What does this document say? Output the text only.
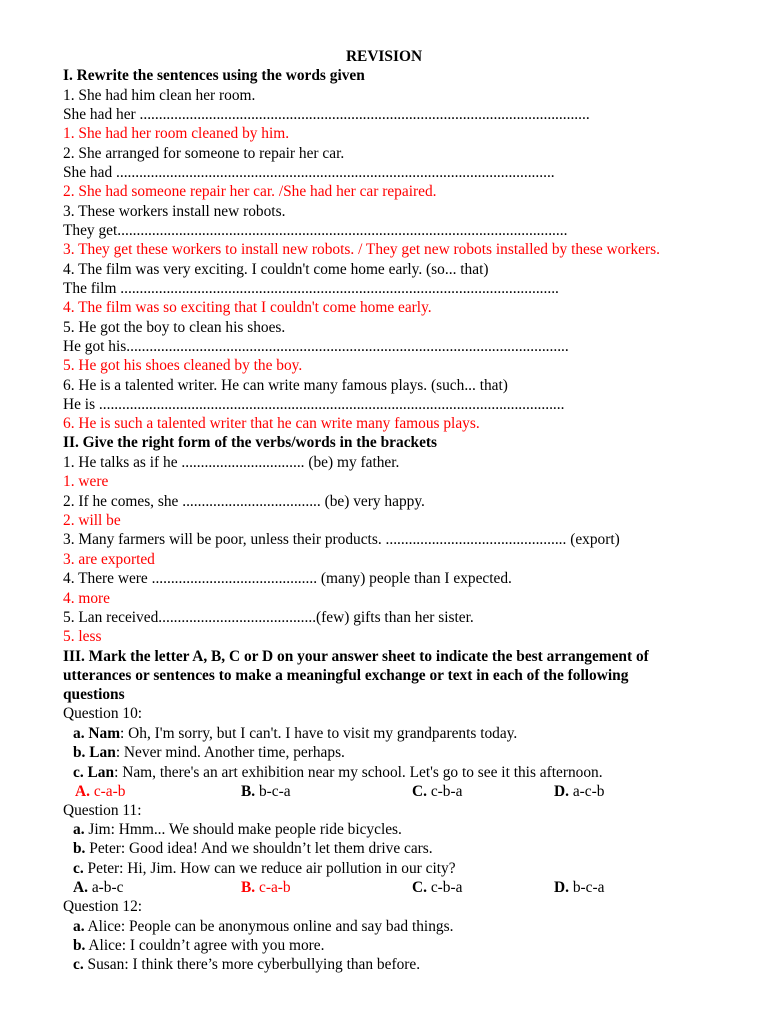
REVISION
I. Rewrite the sentences using the words given
1. She had him clean her room.
She had her .....................................................................................................................
1. She had her room cleaned by him.
2. She arranged for someone to repair her car.
She had ..................................................................................................................
2. She had someone repair her car. /She had her car repaired.
3. These workers install new robots.
They get.....................................................................................................................
3. They get these workers to install new robots. / They get new robots installed by these workers.
4. The film was very exciting. I couldn't come home early. (so... that)
The film ..................................................................................................................
4. The film was so exciting that I couldn't come home early.
5. He got the boy to clean his shoes.
He got his...................................................................................................................
5. He got his shoes cleaned by the boy.
6. He is a talented writer. He can write many famous plays. (such... that)
He is .........................................................................................................................
6. He is such a talented writer that he can write many famous plays.
II. Give the right form of the verbs/words in the brackets
1. He talks as if he ................................ (be) my father.
1. were
2. If he comes, she .................................... (be) very happy.
2. will be
3. Many farmers will be poor, unless their products. ............................................... (export)
3. are exported
4. There were ........................................... (many) people than I expected.
4. more
5. Lan received.........................................(few) gifts than her sister.
5. less
III. Mark the letter A, B, C or D on your answer sheet to indicate the best arrangement of
utterances or sentences to make a meaningful exchange or text in each of the following
questions
Question 10:
a. Nam: Oh, I'm sorry, but I can't. I have to visit my grandparents today.
b. Lan: Never mind. Another time, perhaps.
c. Lan: Nam, there's an art exhibition near my school. Let's go to see it this afternoon.
A. c-a-b	B. b-c-a	C. c-b-a	D. a-c-b
Question 11:
a. Jim: Hmm... We should make people ride bicycles.
b. Peter: Good idea! And we shouldn’t let them drive cars.
c. Peter: Hi, Jim. How can we reduce air pollution in our city?
A. a-b-c	B. c-a-b	C. c-b-a	D. b-c-a
Question 12:
a. Alice: People can be anonymous online and say bad things.
b. Alice: I couldn’t agree with you more.
c. Susan: I think there’s more cyberbullying than before.
